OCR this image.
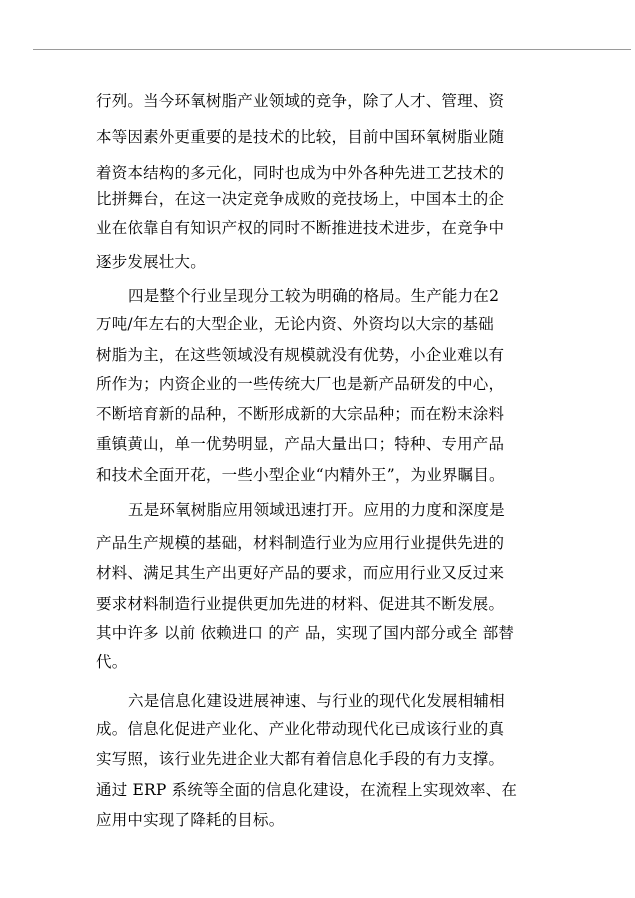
行列。当今环氧树脂产业领域的竞争，除了人才、管理、资
本等因素外更重要的是技术的比较，目前中国环氧树脂业随
着资本结构的多元化，同时也成为中外各种先进工艺技术的
比拼舞台，在这一决定竞争成败的竞技场上，中国本土的企
业在依靠自有知识产权的同时不断推进技术进步，在竞争中
逐步发展壮大。
四是整个行业呈现分工较为明确的格局。生产能力在2
万吨/年左右的大型企业，无论内资、外资均以大宗的基础
树脂为主，在这些领域没有规模就没有优势，小企业难以有
所作为；内资企业的一些传统大厂也是新产品研发的中心，
不断培育新的品种，不断形成新的大宗品种；而在粉末涂料
重镇黄山，单一优势明显，产品大量出口；特种、专用产品
和技术全面开花，一些小型企业“内精外王”，为业界瞩目。
五是环氧树脂应用领域迅速打开。应用的力度和深度是
产品生产规模的基础，材料制造行业为应用行业提供先进的
材料、满足其生产出更好产品的要求，而应用行业又反过来
要求材料制造行业提供更加先进的材料、促进其不断发展。
其中许多 以前 依赖进口 的产 品，实现了国内部分或全 部替
代。
六是信息化建设进展神速、与行业的现代化发展相辅相
成。信息化促进产业化、产业化带动现代化已成该行业的真
实写照，该行业先进企业大都有着信息化手段的有力支撑。
通过 ERP 系统等全面的信息化建设，在流程上实现效率、在
应用中实现了降耗的目标。
